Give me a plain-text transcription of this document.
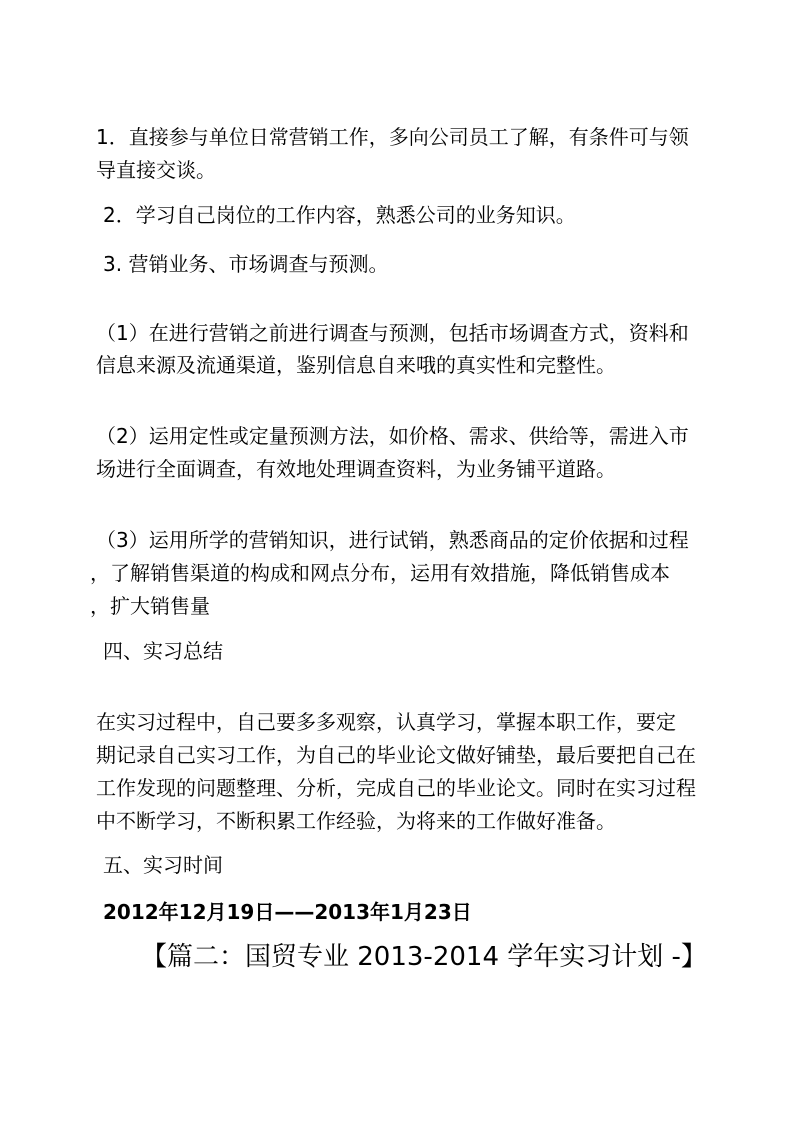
1．直接参与单位日常营销工作，多向公司员工了解，有条件可与领
导直接交谈。
2．学习自己岗位的工作内容，熟悉公司的业务知识。
3. 营销业务、市场调查与预测。
（1）在进行营销之前进行调查与预测，包括市场调查方式，资料和
信息来源及流通渠道，鉴别信息自来哦的真实性和完整性。
（2）运用定性或定量预测方法，如价格、需求、供给等，需进入市
场进行全面调查，有效地处理调查资料，为业务铺平道路。
（3）运用所学的营销知识，进行试销，熟悉商品的定价依据和过程
，了解销售渠道的构成和网点分布，运用有效措施，降低销售成本
，扩大销售量
四、实习总结
在实习过程中，自己要多多观察，认真学习，掌握本职工作，要定
期记录自己实习工作，为自己的毕业论文做好铺垫，最后要把自己在
工作发现的问题整理、分析，完成自己的毕业论文。同时在实习过程
中不断学习，不断积累工作经验，为将来的工作做好准备。
五、实习时间
2012年12月19日——2013年1月23日
【篇二：国贸专业 2013-2014 学年实习计划 -】
